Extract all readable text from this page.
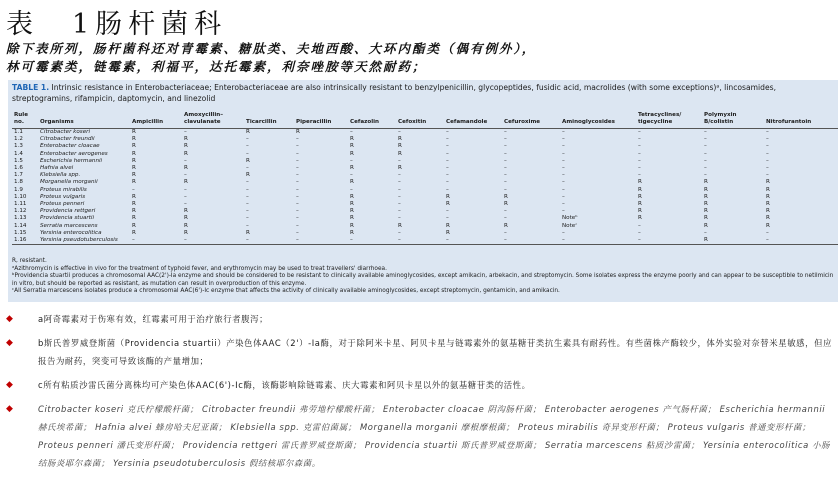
表　1肠杆菌科
除下表所列，肠杆菌科还对青霉素、糖肽类、夫地西酸、大环内酯类（偶有例外），
林可霉素类，链霉素，利福平，达托霉素，利奈唑胺等天然耐药；
TABLE 1. Intrinsic resistance in Enterobacteriaceae; Enterobacteriaceae are also intrinsically resistant to benzylpenicillin, glycopeptides, fusidic acid, macrolides (with some exceptions)ᵃ, lincosamides, streptogramins, rifampicin, daptomycin, and linezolid
Rule no.	Organisms	Ampicillin	Amoxycillin–clavulanate	Ticarcillin	Piperacillin	Cefazolin	Cefoxitin	Cefamandole	Cefuroxime	Aminoglycosides	Tetracyclines/ tigecycline	Polymyxin B/colistin	Nitrofurantoin
1.1	Citrobacter koseri	R	–	R	R	–	–	–	–	–	–	–	–
1.2	Citrobacter freundii	R	R	–	–	R	R	–	–	–	–	–	–
1.3	Enterobacter cloacae	R	R	–	–	R	R	–	–	–	–	–	–
1.4	Enterobacter aerogenes	R	R	–	–	R	R	–	–	–	–	–	–
1.5	Escherichia hermannii	R	–	R	–	–	–	–	–	–	–	–	–
1.6	Hafnia alvei	R	R	–	–	R	R	–	–	–	–	–	–
1.7	Klebsiella spp.	R	–	R	–	–	–	–	–	–	–	–	–
1.8	Morganella morganii	R	R	–	–	R	–	–	–	–	R	R	R
1.9	Proteus mirabilis	–	–	–	–	–	–	–	–	–	R	R	R
1.10	Proteus vulgaris	R	–	–	–	R	–	R	R	–	R	R	R
1.11	Proteus penneri	R	–	–	–	R	–	R	R	–	R	R	R
1.12	Providencia rettgeri	R	R	–	–	R	–	–	–	–	R	R	R
1.13	Providencia stuartii	R	R	–	–	R	–	–	–	Noteᵇ	R	R	R
1.14	Serratia marcescens	R	R	–	–	R	R	R	R	Noteᶜ	–	R	R
1.15	Yersinia enterocolitica	R	R	R	–	R	–	R	–	–	–	–	–
1.16	Yersinia pseudotuberculosis	–	–	–	–	–	–	–	–	–	–	R	–
R, resistant.
ᵃAzithromycin is effective in vivo for the treatment of typhoid fever, and erythromycin may be used to treat travellers' diarrhoea.
ᵇProvidencia stuartii produces a chromosomal AAC(2')-Ia enzyme and should be considered to be resistant to clinically available aminoglycosides, except amikacin, arbekacin, and streptomycin. Some isolates express the enzyme poorly and can appear to be susceptible to netilmicin in vitro, but should be reported as resistant, as mutation can result in overproduction of this enzyme.
ᶜAll Serratia marcescens isolates produce a chromosomal AAC(6')-Ic enzyme that affects the activity of clinically available aminoglycosides, except streptomycin, gentamicin, and amikacin.
◆	a阿奇霉素对于伤寒有效，红霉素可用于治疗旅行者腹泻；
◆	b斯氏普罗威登斯菌（Providencia stuartii）产染色体AAC（2'）-Ia酶，对于除阿米卡星、阿贝卡星与链霉素外的氨基糖苷类抗生素具有耐药性。有些菌株产酶较少，体外实验对奈替米星敏感，但应报告为耐药，突变可导致该酶的产量增加；
◆	c所有粘质沙雷氏菌分离株均可产染色体AAC(6')-Ic酶，该酶影响除链霉素、庆大霉素和阿贝卡星以外的氨基糖苷类的活性。
◆	Citrobacter koseri 克氏柠檬酸杆菌； Citrobacter freundii 弗劳地柠檬酸杆菌； Enterobacter cloacae 阴沟肠杆菌； Enterobacter aerogenes 产气肠杆菌； Escherichia hermannii 赫氏埃希菌； Hafnia alvei 蜂房哈夫尼亚菌； Klebsiella spp. 克雷伯菌属； Morganella morganii 摩根摩根菌； Proteus mirabilis 奇异变形杆菌； Proteus vulgaris 普通变形杆菌； Proteus penneri 潘氏变形杆菌； Providencia rettgeri 雷氏普罗威登斯菌； Providencia stuartii 斯氏普罗威登斯菌； Serratia marcescens 粘质沙雷菌； Yersinia enterocolitica 小肠结肠炎耶尔森菌； Yersinia pseudotuberculosis 假结核耶尔森菌。
